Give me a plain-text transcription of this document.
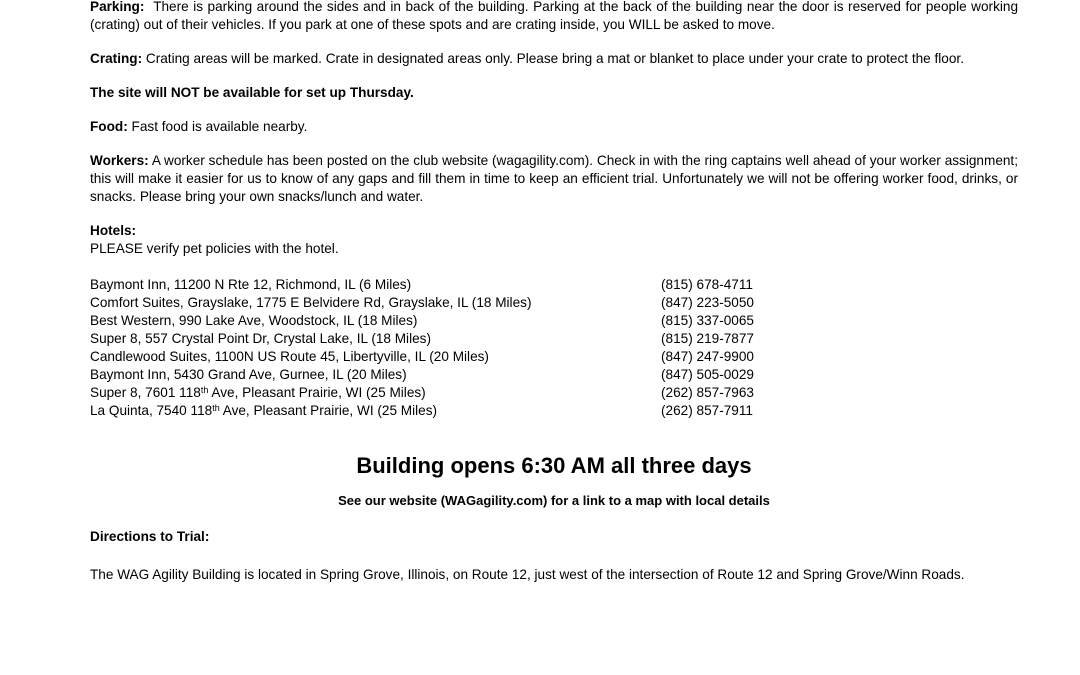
Parking: There is parking around the sides and in back of the building. Parking at the back of the building near the door is reserved for people working (crating) out of their vehicles. If you park at one of these spots and are crating inside, you WILL be asked to move.

Crating: Crating areas will be marked. Crate in designated areas only. Please bring a mat or blanket to place under your crate to protect the floor.

The site will NOT be available for set up Thursday.

Food: Fast food is available nearby.

Workers: A worker schedule has been posted on the club website (wagagility.com). Check in with the ring captains well ahead of your worker assignment; this will make it easier for us to know of any gaps and fill them in time to keep an efficient trial. Unfortunately we will not be offering worker food, drinks, or snacks. Please bring your own snacks/lunch and water.

Hotels:

PLEASE verify pet policies with the hotel.

Baymont Inn, 11200 N Rte 12, Richmond, IL (6 Miles)	(815) 678-4711
Comfort Suites, Grayslake, 1775 E Belvidere Rd, Grayslake, IL (18 Miles)	(847) 223-5050
Best Western, 990 Lake Ave, Woodstock, IL (18 Miles)	(815) 337-0065
Super 8, 557 Crystal Point Dr, Crystal Lake, IL (18 Miles)	(815) 219-7877
Candlewood Suites, 1100N US Route 45, Libertyville, IL (20 Miles)	(847) 247-9900
Baymont Inn, 5430 Grand Ave, Gurnee, IL (20 Miles)	(847) 505-0029
Super 8, 7601 118th Ave, Pleasant Prairie, WI (25 Miles)	(262) 857-7963
La Quinta, 7540 118th Ave, Pleasant Prairie, WI (25 Miles)	(262) 857-7911

Building opens 6:30 AM all three days

See our website (WAGagility.com) for a link to a map with local details

Directions to Trial:

The WAG Agility Building is located in Spring Grove, Illinois, on Route 12, just west of the intersection of Route 12 and Spring Grove/Winn Roads.
